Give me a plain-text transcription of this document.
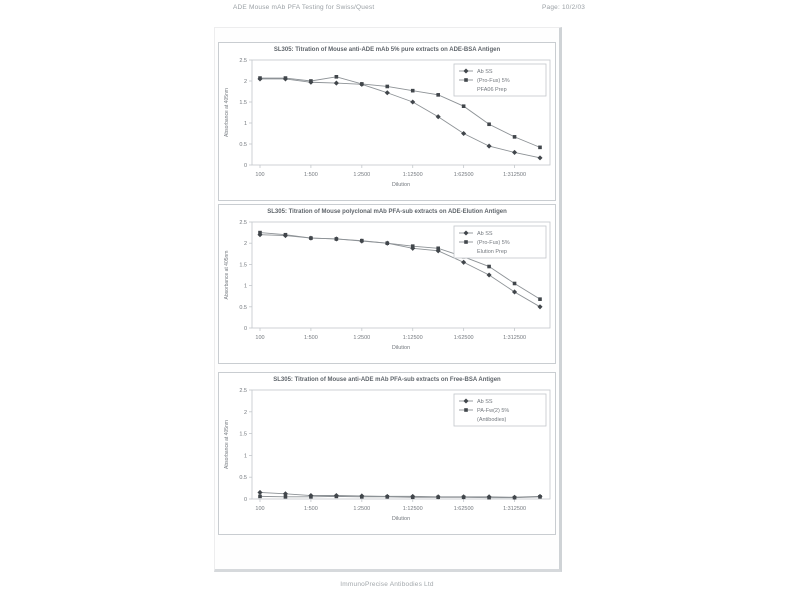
ADE Mouse mAb PFA Testing for Swiss/Quest	Page: 10/2/03
SL305: Titration of Mouse anti-ADE mAb 5% pure extracts on ADE-BSA Antigen
0
0.5
1
1.5
2
2.5
100	1:500	1:2500	1:12500	1:62500	1:312500
Dilution
Absorbance at 405nm
Ab SS
(Pro-Fus) 5%
PFA06 Prep
SL305: Titration of Mouse polyclonal mAb PFA-sub extracts on ADE-Elution Antigen
0
0.5
1
1.5
2
2.5
100	1:500	1:2500	1:12500	1:62500	1:312500
Dilution
Absorbance at 405nm
Ab SS
(Pro-Fus) 5%
Elution Prep
SL305: Titration of Mouse anti-ADE mAb PFA-sub extracts on Free-BSA Antigen
0
0.5
1
1.5
2
2.5
100	1:500	1:2500	1:12500	1:62500	1:312500
Dilution
Absorbance at 405nm
Ab SS
PA-Fw(2) 5%
(Antibodies)
ImmunoPrecise Antibodies Ltd
